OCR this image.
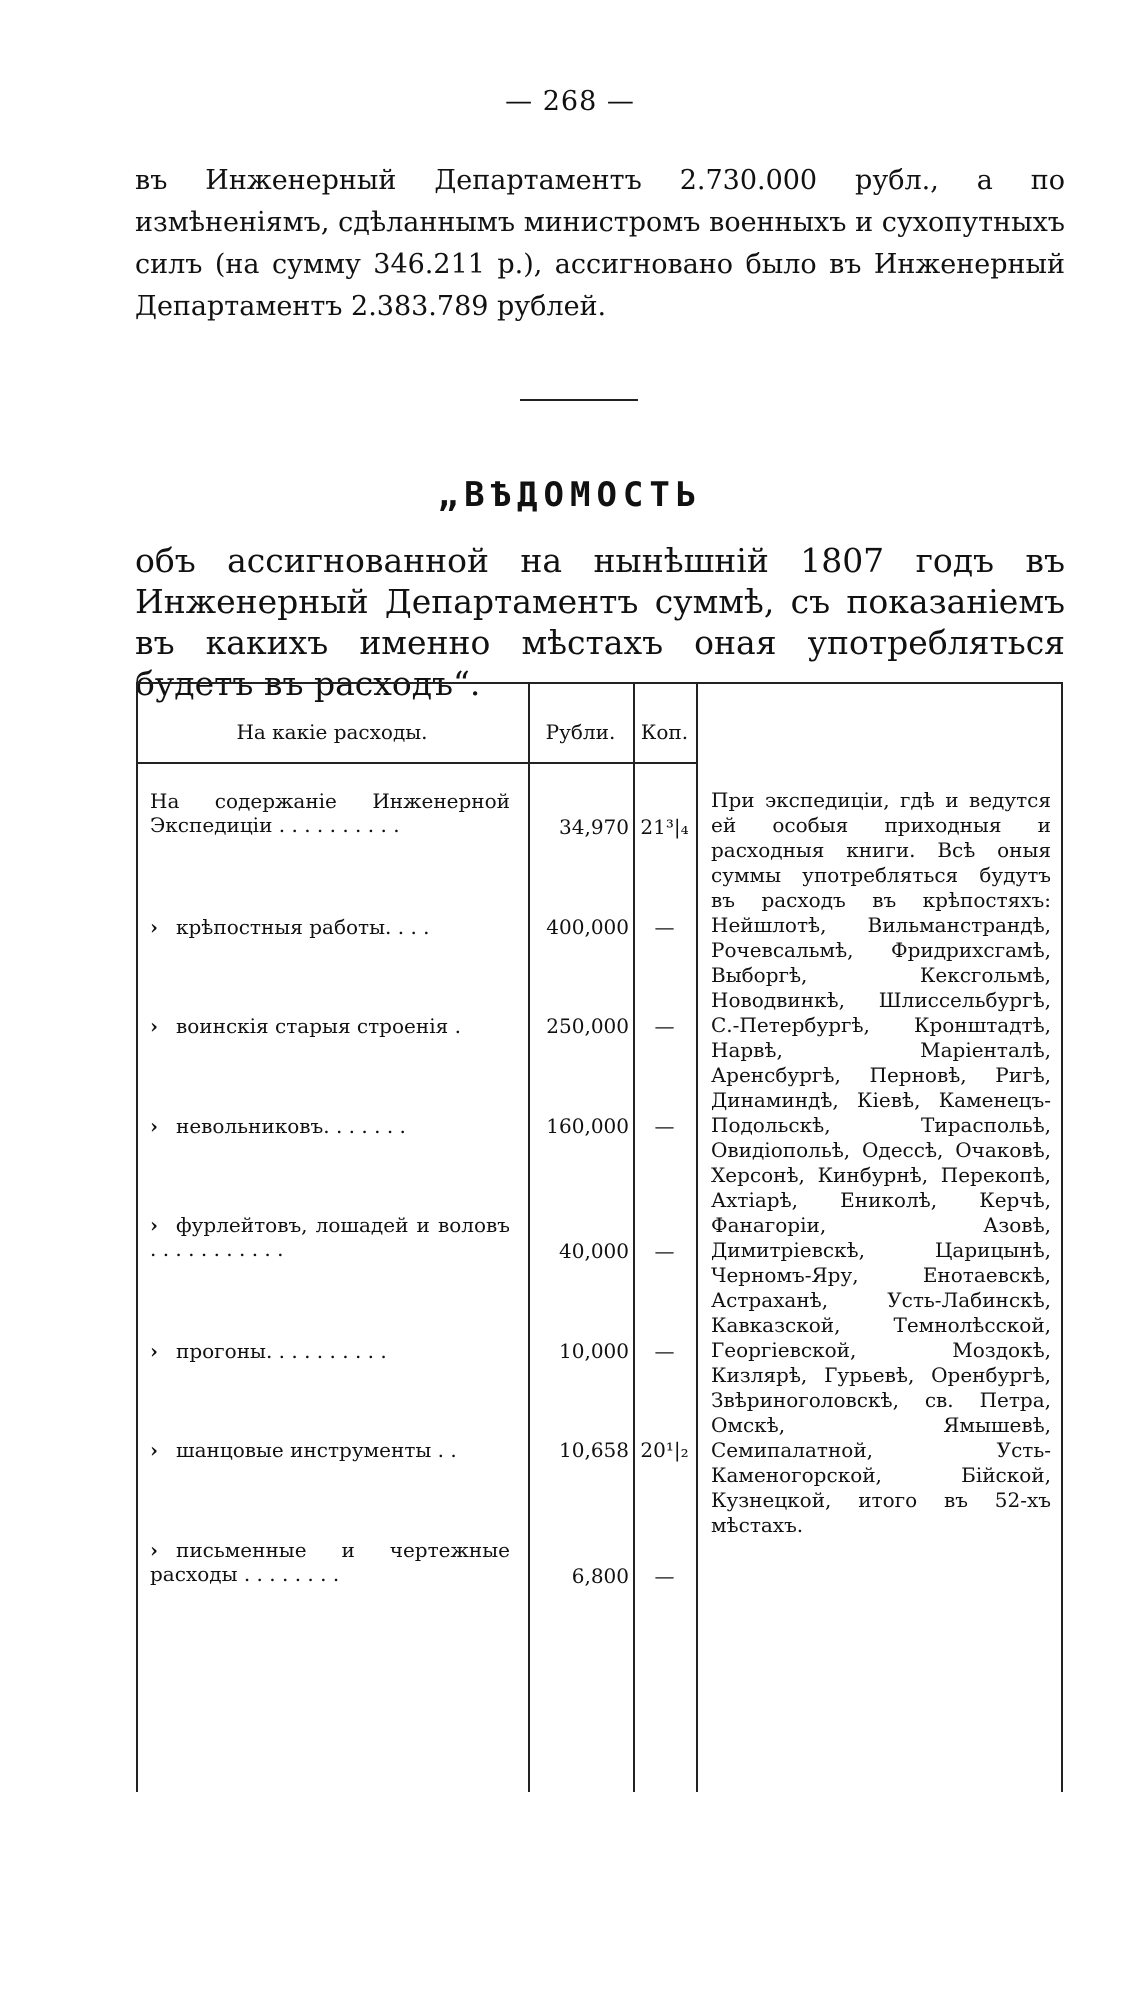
— 268 —
въ Инженерный Департаментъ 2.730.000 рубл., а по измѣненіямъ, сдѣланнымъ министромъ военныхъ и сухопутныхъ силъ (на сумму 346.211 р.), ассигновано было въ Инженерный Департаментъ 2.383.789 рублей.
„ВѢДОМОСТЬ
объ ассигнованной на нынѣшній 1807 годъ въ Инженерный Департаментъ суммѣ, съ показаніемъ въ какихъ именно мѣстахъ оная употребляться будетъ въ расходъ“.
На какіе расходы.	Рубли.	Коп.
На содержаніе Инженерной Экспедиціи . . . . . . . . . .	34,970 21³|₄
› крѣпостныя работы. . . .	400,000	—
› воинскія старыя строенія .	250,000	—
› невольниковъ. . . . . . .	160,000	—
› фурлейтовъ, лошадей и воловъ . . . . . . . . . . .	40,000	—
› прогоны. . . . . . . . . .	10,000	—
› шанцовые инструменты . .	10,658 20¹|₂
› письменные и чертежные расходы . . . . . . . .	6,800	—
При экспедиціи, гдѣ и ведутся ей особыя приходныя и расходныя книги. Всѣ оныя суммы употребляться будутъ въ расходъ въ крѣпостяхъ: Нейшлотѣ, Вильманстрандѣ, Рочевсальмѣ, Фридрихсгамѣ, Выборгѣ, Кексгольмѣ, Новодвинкѣ, Шлиссельбургѣ, С.-Петербургѣ, Кронштадтѣ, Нарвѣ, Маріенталѣ, Аренсбургѣ, Перновѣ, Ригѣ, Динаминдѣ, Кіевѣ, Каменецъ-Подольскѣ, Тираспольѣ, Овидіопольѣ, Одессѣ, Очаковѣ, Херсонѣ, Кинбурнѣ, Перекопѣ, Ахтіарѣ, Ениколѣ, Керчѣ, Фанагоріи, Азовѣ, Димитріевскѣ, Царицынѣ, Черномъ-Яру, Енотаевскѣ, Астраханѣ, Усть-Лабинскѣ, Кавказской, Темнолѣсской, Георгіевской, Моздокѣ, Кизлярѣ, Гурьевѣ, Оренбургѣ, Звѣриноголовскѣ, св. Петра, Омскѣ, Ямышевѣ, Семипалатной, Усть-Каменогорской, Бійской, Кузнецкой, итого въ 52-хъ мѣстахъ.
